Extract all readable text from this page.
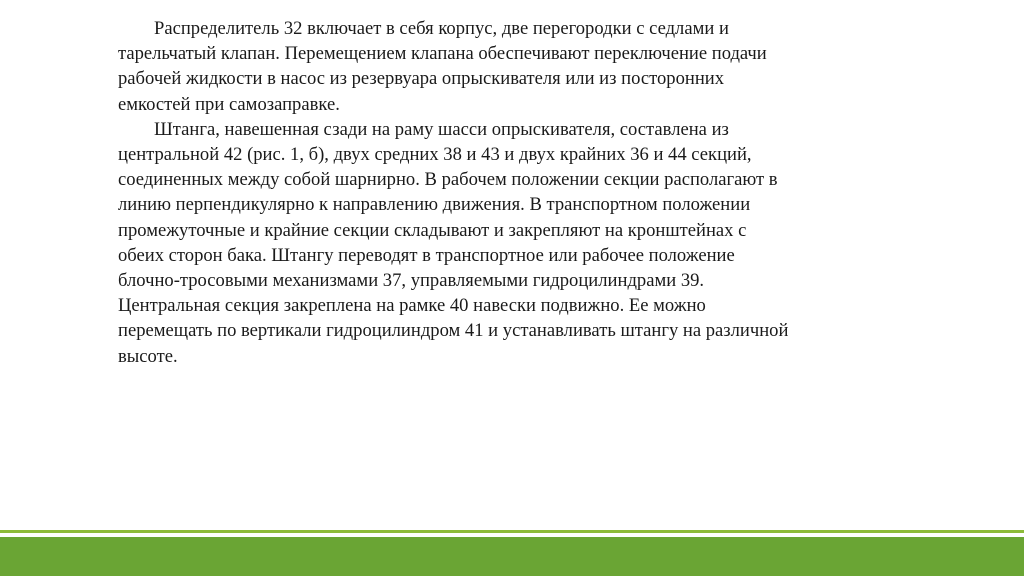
Распределитель 32 включает в себя корпус, две перегородки с седлами и
тарельчатый клапан. Перемещением клапана обеспечивают переключение подачи
рабочей жидкости в насос из резервуара опрыскивателя или из посторонних
емкостей при самозаправке.
Штанга, навешенная сзади на раму шасси опрыскивателя, составлена из
центральной 42 (рис. 1, б), двух средних 38 и 43 и двух крайних 36 и 44 секций,
соединенных между собой шарнирно. В рабочем положении секции располагают в
линию перпендикулярно к направлению движения. В транспортном положении
промежуточные и крайние секции складывают и закрепляют на кронштейнах с
обеих сторон бака. Штангу переводят в транспортное или рабочее положение
блочно-тросовыми механизмами 37, управляемыми гидроцилиндрами 39.
Центральная секция закреплена на рамке 40 навески подвижно. Ее можно
перемещать по вертикали гидроцилиндром 41 и устанавливать штангу на различной
высоте.
